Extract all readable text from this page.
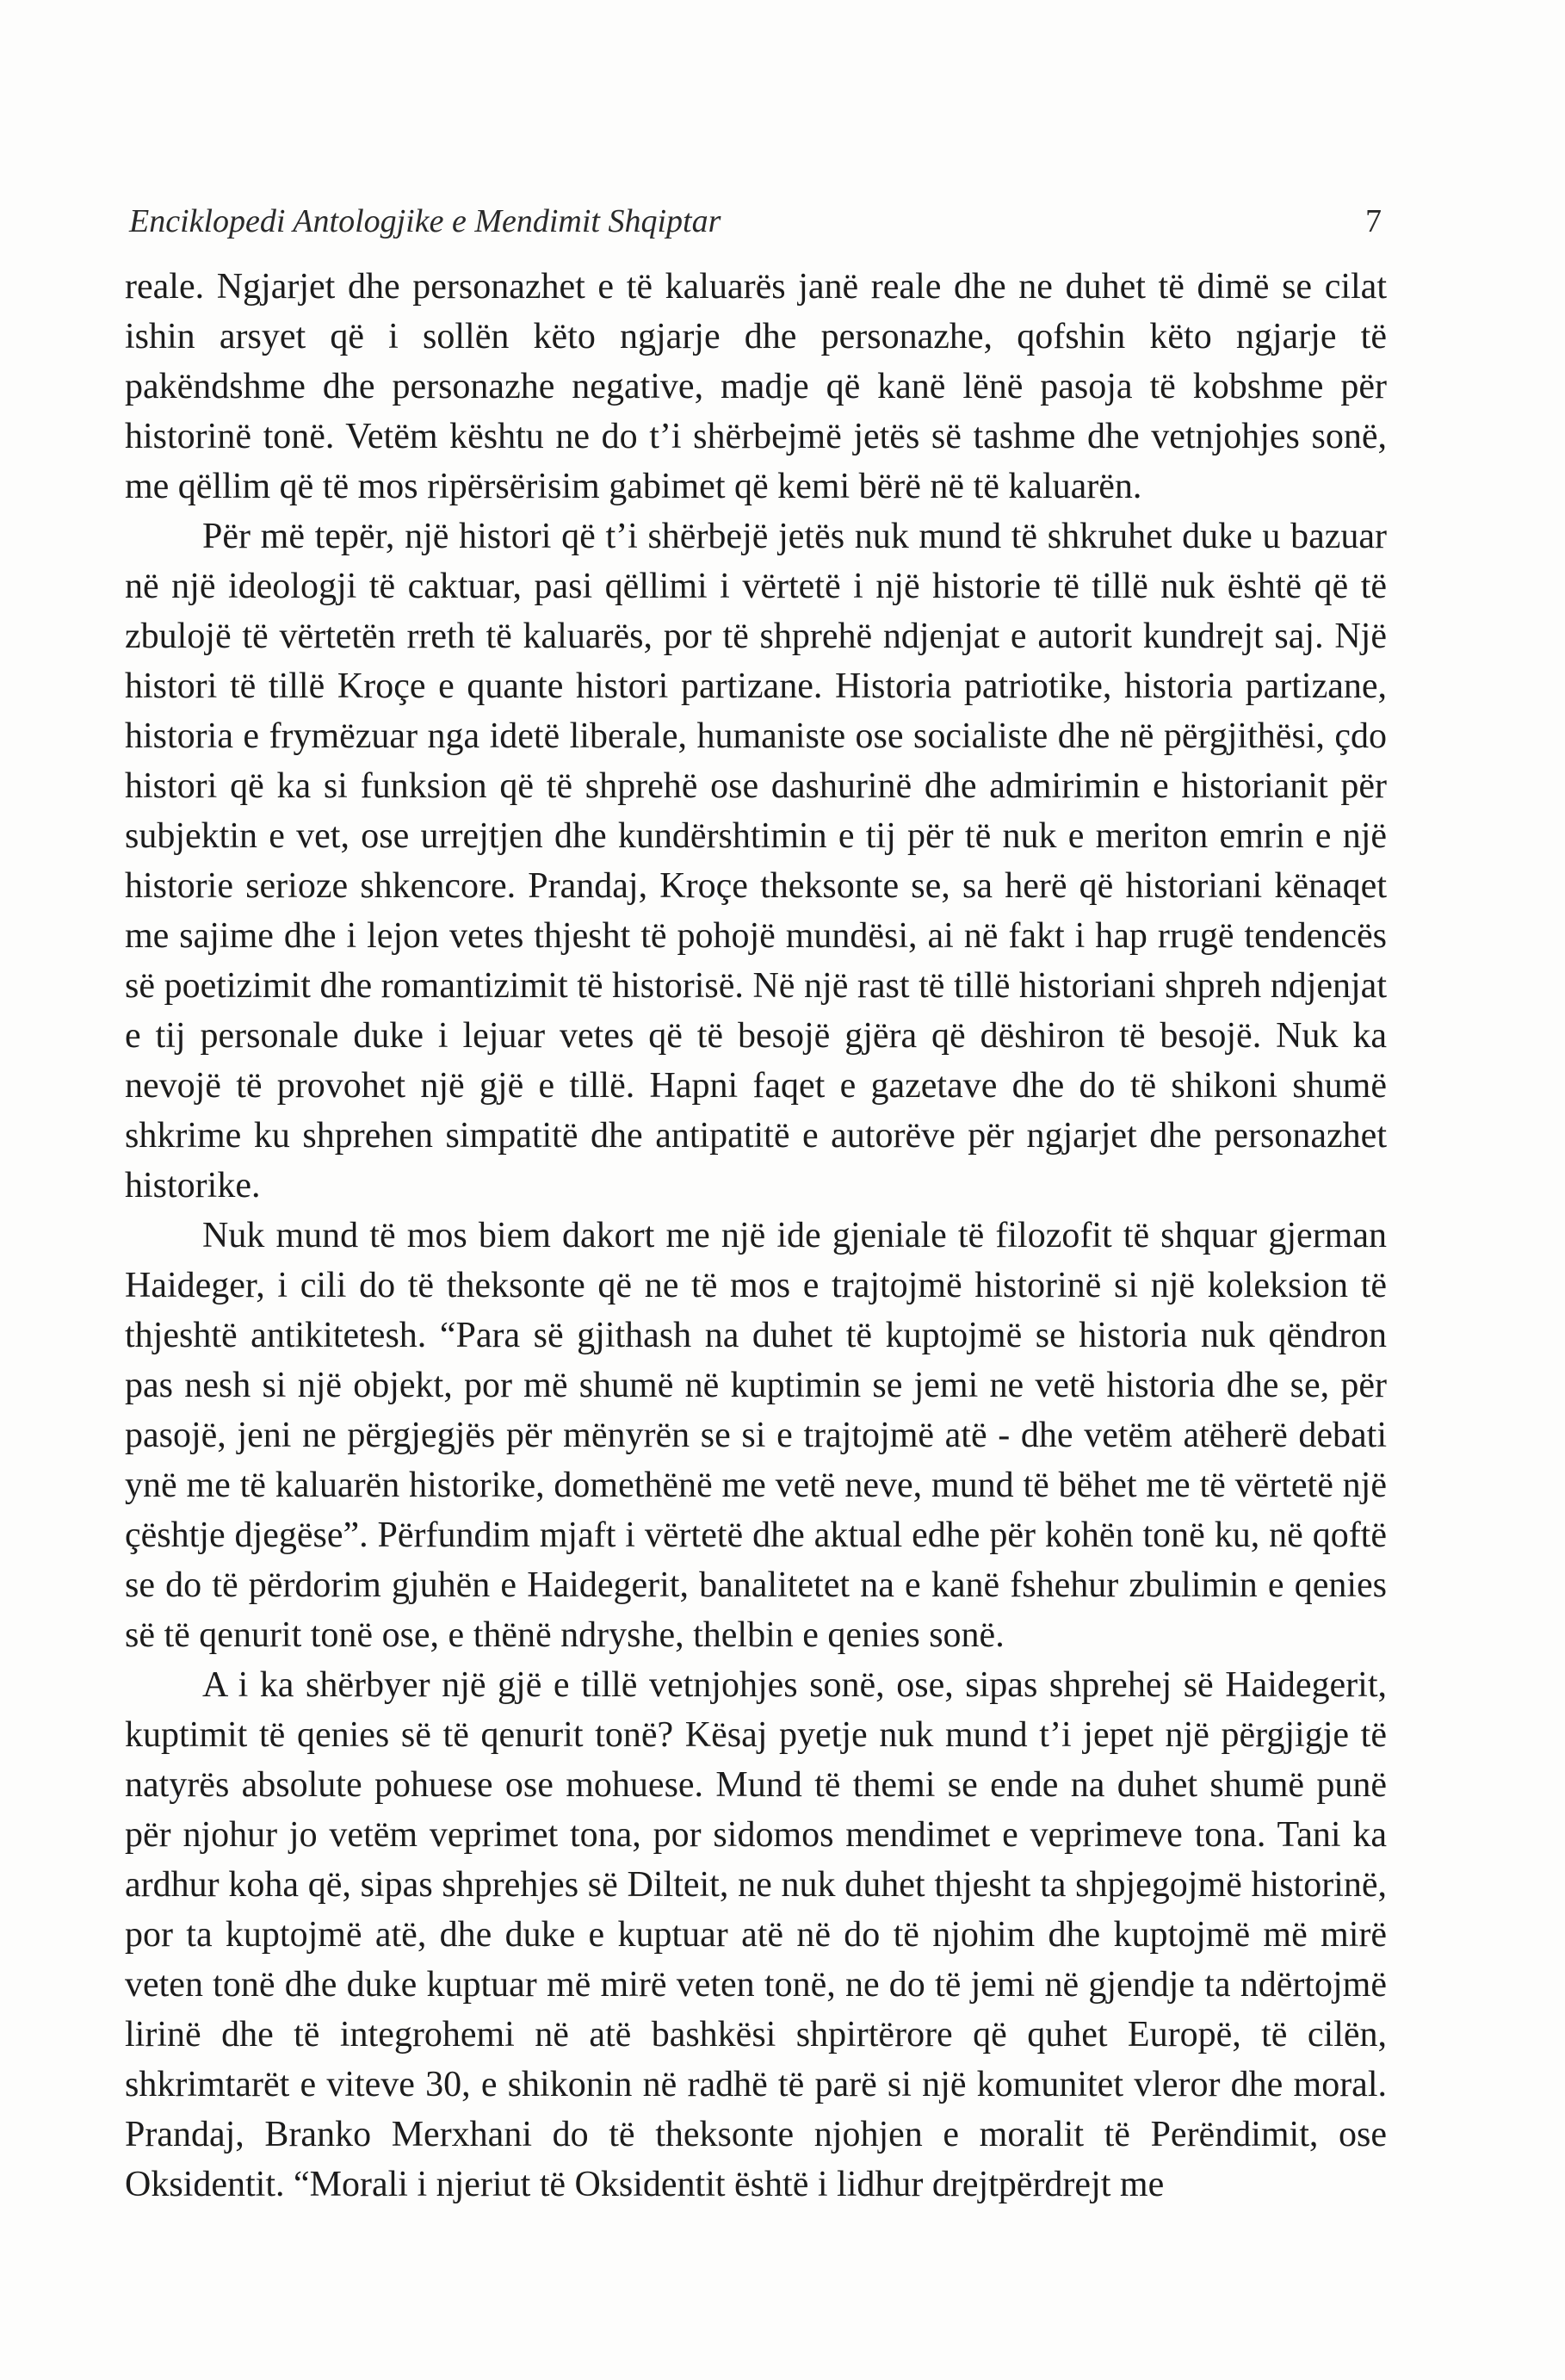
Enciklopedi Antologjike e Mendimit Shqiptar	7

reale. Ngjarjet dhe personazhet e të kaluarës janë reale dhe ne duhet të dimë se cilat ishin arsyet që i sollën këto ngjarje dhe personazhe, qofshin këto ngjarje të pakëndshme dhe personazhe negative, madje që kanë lënë pasoja të kobshme për historinë tonë. Vetëm kështu ne do t’i shërbejmë jetës së tashme dhe vetnjohjes sonë, me qëllim që të mos ripërsërisim gabimet që kemi bërë në të kaluarën.

Për më tepër, një histori që t’i shërbejë jetës nuk mund të shkruhet duke u bazuar në një ideologji të caktuar, pasi qëllimi i vërtetë i një historie të tillë nuk është që të zbulojë të vërtetën rreth të kaluarës, por të shprehë ndjenjat e autorit kundrejt saj. Një histori të tillë Kroçe e quante histori partizane. Historia patriotike, historia partizane, historia e frymëzuar nga idetë liberale, humaniste ose socialiste dhe në përgjithësi, çdo histori që ka si funksion që të shprehë ose dashurinë dhe admirimin e historianit për subjektin e vet, ose urrejtjen dhe kundërshtimin e tij për të nuk e meriton emrin e një historie serioze shkencore. Prandaj, Kroçe theksonte se, sa herë që historiani kënaqet me sajime dhe i lejon vetes thjesht të pohojë mundësi, ai në fakt i hap rrugë tendencës së poetizimit dhe romantizimit të historisë. Në një rast të tillë historiani shpreh ndjenjat e tij personale duke i lejuar vetes që të besojë gjëra që dëshiron të besojë. Nuk ka nevojë të provohet një gjë e tillë. Hapni faqet e gazetave dhe do të shikoni shumë shkrime ku shprehen simpatitë dhe antipatitë e autorëve për ngjarjet dhe personazhet historike.

Nuk mund të mos biem dakort me një ide gjeniale të filozofit të shquar gjerman Haideger, i cili do të theksonte që ne të mos e trajtojmë historinë si një koleksion të thjeshtë antikitetesh. “Para së gjithash na duhet të kuptojmë se historia nuk qëndron pas nesh si një objekt, por më shumë në kuptimin se jemi ne vetë historia dhe se, për pasojë, jeni ne përgjegjës për mënyrën se si e trajtojmë atë - dhe vetëm atëherë debati ynë me të kaluarën historike, domethënë me vetë neve, mund të bëhet me të vërtetë një çështje djegëse”. Përfundim mjaft i vërtetë dhe aktual edhe për kohën tonë ku, në qoftë se do të përdorim gjuhën e Haidegerit, banalitetet na e kanë fshehur zbulimin e qenies së të qenurit tonë ose, e thënë ndryshe, thelbin e qenies sonë.

A i ka shërbyer një gjë e tillë vetnjohjes sonë, ose, sipas shprehej së Haidegerit, kuptimit të qenies së të qenurit tonë? Kësaj pyetje nuk mund t’i jepet një përgjigje të natyrës absolute pohuese ose mohuese. Mund të themi se ende na duhet shumë punë për njohur jo vetëm veprimet tona, por sidomos mendimet e veprimeve tona. Tani ka ardhur koha që, sipas shprehjes së Dilteit, ne nuk duhet thjesht ta shpjegojmë historinë, por ta kuptojmë atë, dhe duke e kuptuar atë në do të njohim dhe kuptojmë më mirë veten tonë dhe duke kuptuar më mirë veten tonë, ne do të jemi në gjendje ta ndërtojmë lirinë dhe të integrohemi në atë bashkësi shpirtërore që quhet Europë, të cilën, shkrimtarët e viteve 30, e shikonin në radhë të parë si një komunitet vleror dhe moral. Prandaj, Branko Merxhani do të theksonte njohjen e moralit të Perëndimit, ose Oksidentit. “Morali i njeriut të Oksidentit është i lidhur drejtpërdrejt me
